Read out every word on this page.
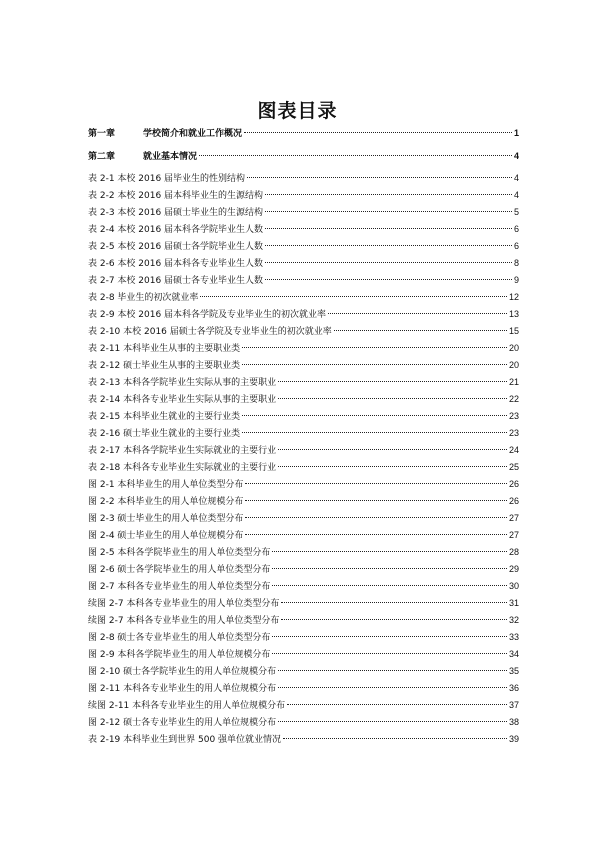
图表目录
第一章	学校简介和就业工作概况	1
第二章	就业基本情况	4
表 2-1 本校 2016 届毕业生的性别结构	4
表 2-2 本校 2016 届本科毕业生的生源结构	4
表 2-3 本校 2016 届硕士毕业生的生源结构	5
表 2-4 本校 2016 届本科各学院毕业生人数	6
表 2-5 本校 2016 届硕士各学院毕业生人数	6
表 2-6 本校 2016 届本科各专业毕业生人数	8
表 2-7 本校 2016 届硕士各专业毕业生人数	9
表 2-8 毕业生的初次就业率	12
表 2-9 本校 2016 届本科各学院及专业毕业生的初次就业率	13
表 2-10 本校 2016 届硕士各学院及专业毕业生的初次就业率	15
表 2-11 本科毕业生从事的主要职业类	20
表 2-12 硕士毕业生从事的主要职业类	20
表 2-13 本科各学院毕业生实际从事的主要职业	21
表 2-14 本科各专业毕业生实际从事的主要职业	22
表 2-15 本科毕业生就业的主要行业类	23
表 2-16 硕士毕业生就业的主要行业类	23
表 2-17 本科各学院毕业生实际就业的主要行业	24
表 2-18 本科各专业毕业生实际就业的主要行业	25
图 2-1 本科毕业生的用人单位类型分布	26
图 2-2 本科毕业生的用人单位规模分布	26
图 2-3 硕士毕业生的用人单位类型分布	27
图 2-4 硕士毕业生的用人单位规模分布	27
图 2-5 本科各学院毕业生的用人单位类型分布	28
图 2-6 硕士各学院毕业生的用人单位类型分布	29
图 2-7 本科各专业毕业生的用人单位类型分布	30
续图 2-7 本科各专业毕业生的用人单位类型分布	31
续图 2-7 本科各专业毕业生的用人单位类型分布	32
图 2-8 硕士各专业毕业生的用人单位类型分布	33
图 2-9 本科各学院毕业生的用人单位规模分布	34
图 2-10 硕士各学院毕业生的用人单位规模分布	35
图 2-11 本科各专业毕业生的用人单位规模分布	36
续图 2-11 本科各专业毕业生的用人单位规模分布	37
图 2-12 硕士各专业毕业生的用人单位规模分布	38
表 2-19 本科毕业生到世界 500 强单位就业情况	39
